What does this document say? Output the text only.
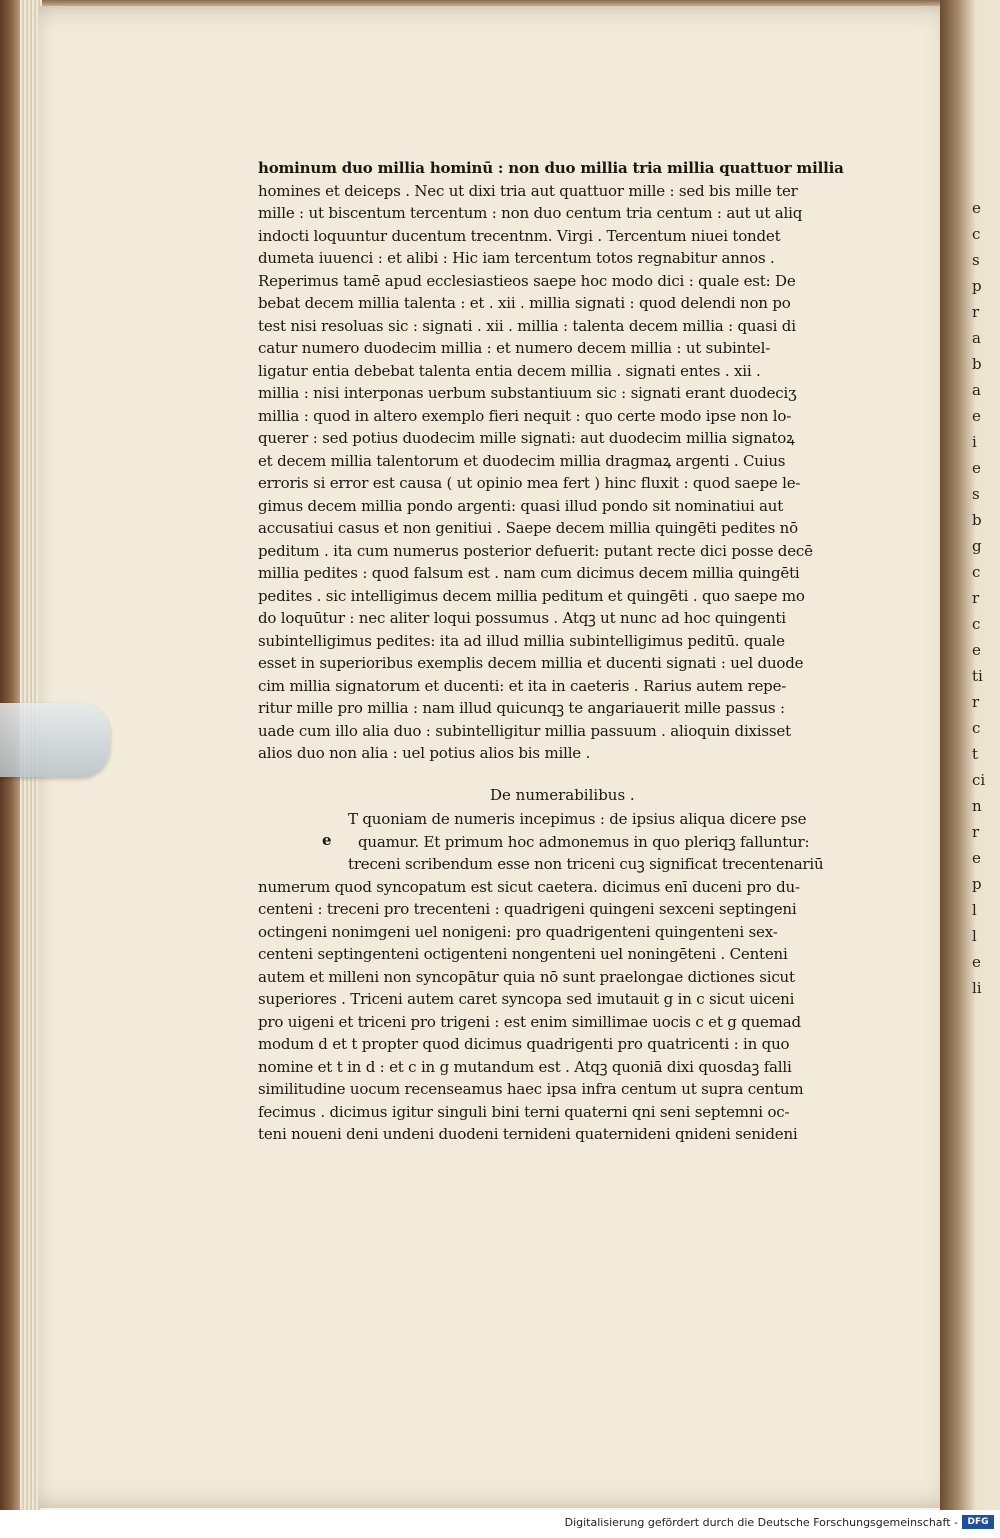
hominum duo millia hominū : non duo millia tria millia quattuor millia
homines et deiceps . Nec ut dixi tria aut quattuor mille : sed bis mille ter
mille : ut biscentum tercentum : non duo centum tria centum : aut ut aliq
indocti loquuntur ducentum trecentnm. Virgi . Tercentum niuei tondet
dumeta iuuenci : et alibi : Hic iam tercentum totos regnabitur annos .
Reperimus tamē apud ecclesiastieos saepe hoc modo dici : quale est: De
bebat decem millia talenta : et . xii . millia signati : quod delendi non po
test nisi resoluas sic : signati . xii . millia : talenta decem millia : quasi di
catur numero duodecim millia : et numero decem millia : ut subintel-
ligatur entia debebat talenta entia decem millia . signati entes . xii .
millia : nisi interponas uerbum substantiuum sic : signati erant duodeciʒ
millia : quod in altero exemplo fieri nequit : quo certe modo ipse non lo-
querer : sed potius duodecim mille signati: aut duodecim millia signatoꝝ
et decem millia talentorum et duodecim millia dragmaꝝ argenti . Cuius
erroris si error est causa ( ut opinio mea fert ) hinc fluxit : quod saepe le-
gimus decem millia pondo argenti: quasi illud pondo sit nominatiui aut
accusatiui casus et non genitiui . Saepe decem millia quingēti pedites nō
peditum . ita cum numerus posterior defuerit: putant recte dici posse decē
millia pedites : quod falsum est . nam cum dicimus decem millia quingēti
pedites . sic intelligimus decem millia peditum et quingēti . quo saepe mo
do loquūtur : nec aliter loqui possumus . Atqꝫ ut nunc ad hoc quingenti
subintelligimus pedites: ita ad illud millia subintelligimus peditū. quale
esset in superioribus exemplis decem millia et ducenti signati : uel duode
cim millia signatorum et ducenti: et ita in caeteris . Rarius autem repe-
ritur mille pro millia : nam illud quicunqꝫ te angariauerit mille passus :
uade cum illo alia duo : subintelligitur millia passuum . alioquin dixisset
alios duo non alia : uel potius alios bis mille .
De numerabilibus .
e
T quoniam de numeris incepimus : de ipsius aliqua dicere pse
quamur. Et primum hoc admonemus in quo pleriqꝫ falluntur:
treceni scribendum esse non triceni cuꝫ significat trecentenariū
numerum quod syncopatum est sicut caetera. dicimus enī duceni pro du-
centeni : treceni pro trecenteni : quadrigeni quingeni sexceni septingeni
octingeni nonimgeni uel nonigeni: pro quadrigenteni quingenteni sex-
centeni septingenteni octigenteni nongenteni uel noningēteni . Centeni
autem et milleni non syncopātur quia nō sunt praelongae dictiones sicut
superiores . Triceni autem caret syncopa sed imutauit g in c sicut uiceni
pro uigeni et triceni pro trigeni : est enim simillimae uocis c et g quemad
modum d et t propter quod dicimus quadrigenti pro quatricenti : in quo
nomine et t in d : et c in g mutandum est . Atqꝫ quoniā dixi quosdaꝫ falli
similitudine uocum recenseamus haec ipsa infra centum ut supra centum
fecimus . dicimus igitur singuli bini terni quaterni qni seni septemni oc-
teni noueni deni undeni duodeni ternideni quaternideni qnideni senideni
e
c
s
p
r
a
b
a
e
i
e
s
b
g
c
r
c
e
ti
r
c
t
ci
n
r
e
p
l
l
e
li
Digitalisierung gefördert durch die Deutsche Forschungsgemeinschaft -	DFG
